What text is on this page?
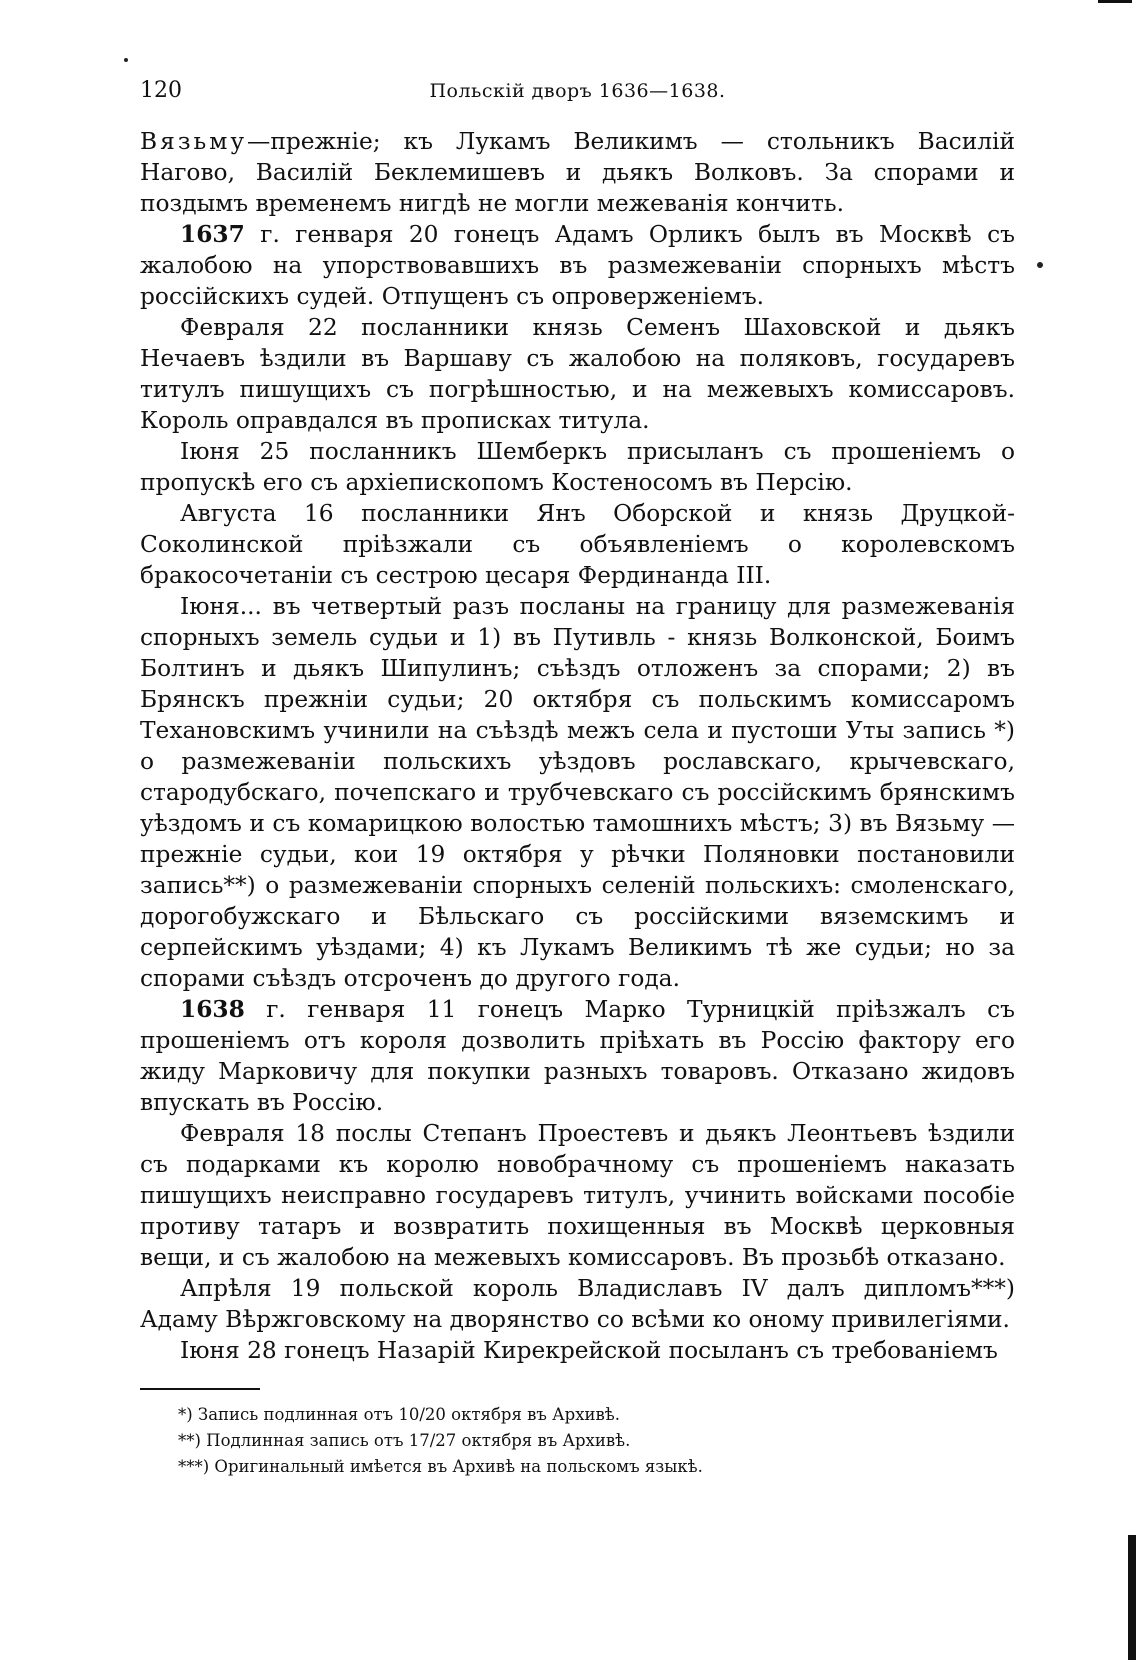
120	Польскій дворъ 1636—1638.

Вязьму—прежніе; къ Лукамъ Великимъ — стольникъ Василій Нагово, Василій Беклемишевъ и дьякъ Волковъ. За спорами и поздымъ временемъ нигдѣ не могли межеванія кончить.

1637 г. генваря 20 гонецъ Адамъ Орликъ былъ въ Москвѣ съ жалобою на упорствовавшихъ въ размежеваніи спорныхъ мѣстъ россійскихъ судей. Отпущенъ съ опроверженіемъ.

Февраля 22 посланники князь Семенъ Шаховской и дьякъ Нечаевъ ѣздили въ Варшаву съ жалобою на поляковъ, государевъ титулъ пишущихъ съ погрѣшностью, и на межевыхъ комиссаровъ. Король оправдался въ прописках титула.

Іюня 25 посланникъ Шемберкъ присыланъ съ прошеніемъ о пропускѣ его съ архіепископомъ Костеносомъ въ Персію.

Августа 16 посланники Янъ Оборской и князь Друцкой-Соколинской пріѣзжали съ объявленіемъ о королевскомъ бракосочетаніи съ сестрою цесаря Фердинанда III.

Іюня... въ четвертый разъ посланы на границу для размежеванія спорныхъ земель судьи и 1) въ Путивль - князь Волконской, Боимъ Болтинъ и дьякъ Шипулинъ; съѣздъ отложенъ за спорами; 2) въ Брянскъ прежніи судьи; 20 октября съ польскимъ комиссаромъ Техановскимъ учинили на съѣздѣ межъ села и пустоши Уты запись *) о размежеваніи польскихъ уѣздовъ рославскаго, крычевскаго, стародубскаго, почепскаго и трубчевскаго съ россійскимъ брянскимъ уѣздомъ и съ комарицкою волостью тамошнихъ мѣстъ; 3) въ Вязьму — прежніе судьи, кои 19 октября у рѣчки Поляновки постановили запись**) о размежеваніи спорныхъ селеній польскихъ: смоленскаго, дорогобужскаго и Бѣльскаго съ россійскими вяземскимъ и серпейскимъ уѣздами; 4) къ Лукамъ Великимъ тѣ же судьи; но за спорами съѣздъ отсроченъ до другого года.

1638 г. генваря 11 гонецъ Марко Турницкій пріѣзжалъ съ прошеніемъ отъ короля дозволить пріѣхать въ Россію фактору его жиду Марковичу для покупки разныхъ товаровъ. Отказано жидовъ впускать въ Россію.

Февраля 18 послы Степанъ Проестевъ и дьякъ Леонтьевъ ѣздили съ подарками къ королю новобрачному съ прошеніемъ наказать пишущихъ неисправно государевъ титулъ, учинить войсками пособіе противу татаръ и возвратить похищенныя въ Москвѣ церковныя вещи, и съ жалобою на межевыхъ комиссаровъ. Въ прозьбѣ отказано.

Апрѣля 19 польской король Владиславъ IV далъ дипломъ***) Адаму Вѣржговскому на дворянство со всѣми ко оному привилегіями.

Іюня 28 гонецъ Назарій Кирекрейской посыланъ съ требованіемъ

*) Запись подлинная отъ 10/20 октября въ Архивѣ.
**) Подлинная запись отъ 17/27 октября въ Архивѣ.
***) Оригинальный имѣется въ Архивѣ на польскомъ языкѣ.
